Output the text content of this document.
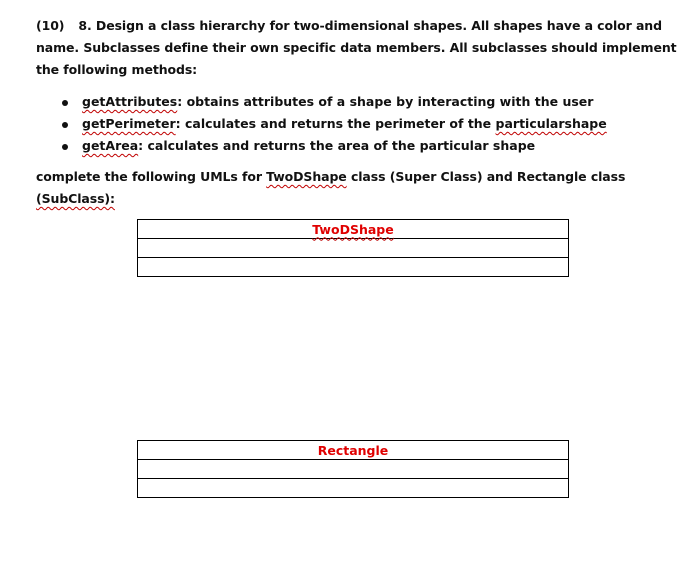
(10) 8. Design a class hierarchy for two-dimensional shapes. All shapes have a color and
name. Subclasses define their own specific data members. All subclasses should implement
the following methods:
getAttributes: obtains attributes of a shape by interacting with the user
getPerimeter: calculates and returns the perimeter of the particularshape
getArea: calculates and returns the area of the particular shape
complete the following UMLs for TwoDShape class (Super Class) and Rectangle class
(SubClass):
TwoDShape

Rectangle
